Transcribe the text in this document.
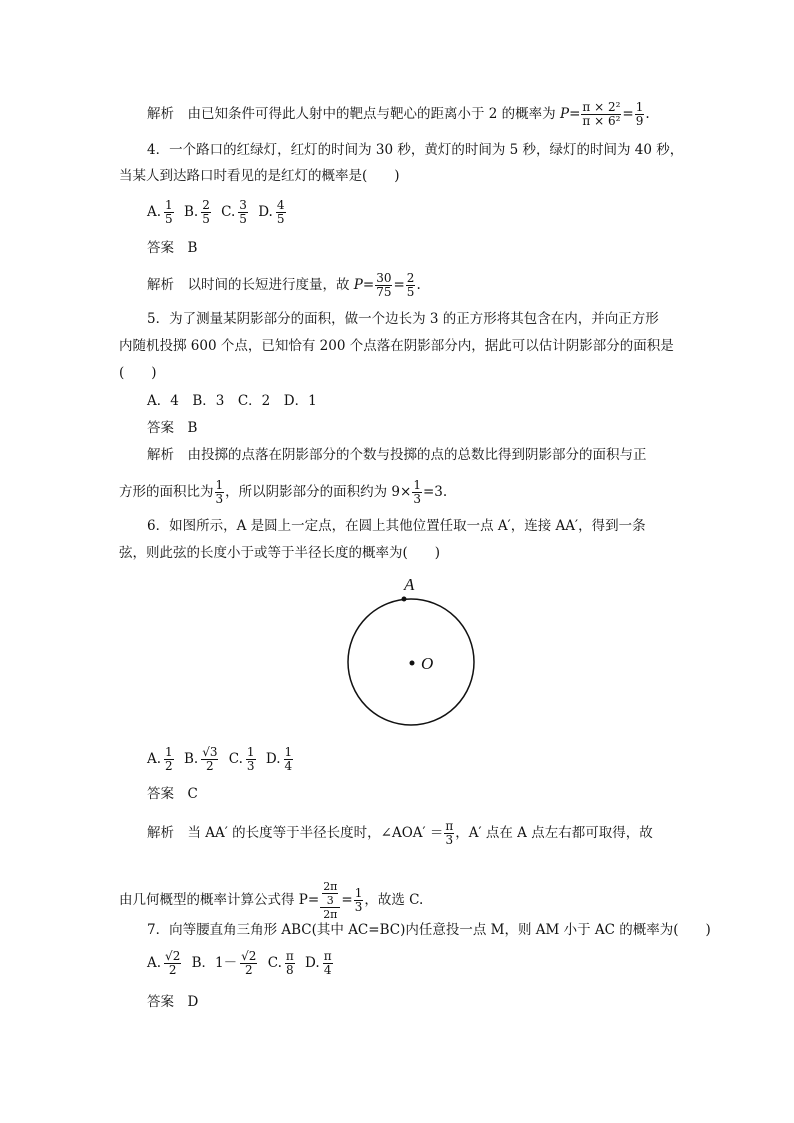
解析　 由已知条件可得此人射中的靶点与靶心的距离小于 2 的概率为 $P= \frac{\text{π × 2²}}{\text{π × 6²}} = \frac{1}{9}$ .
4．一个路口的红绿灯，红灯的时间为 30 秒，黄灯的时间为 5 秒，绿灯的时间为 40 秒，
当某人到达路口时看见的是红灯的概率是(　　)
A. $\frac{1}{5} B$. $\frac{2}{5} C$. $\frac{3}{5} D$. $\frac{4}{5}$
答案　B
解析　 以时间的长短进行度量，故 $P= \frac{30}{75} = \frac{2}{5}$ .
5．为了测量某阴影部分的面积，做一个边长为 3 的正方形将其包含在内，并向正方形
内随机投掷 600 个点，已知恰有 200 个点落在阴影部分内，据此可以估计阴影部分的面积是
(　　)
A．4　B．3　C．2　D．1
答案　B
解析　由投掷的点落在阴影部分的个数与投掷的点的总数比得到阴影部分的面积与正
方形的面积比为 $\frac{1}{3}$ ，所以阴影部分的面积约为 $9\times \frac{1}{3} =3$.
6．如图所示，A 是圆上一定点，在圆上其他位置任取一点 A′，连接 AA′，得到一条
弦，则此弦的长度小于或等于半径长度的概率为(　　)
A
O
A. $\frac{1}{2} B$. $\frac{√3}{2} C$. $\frac{1}{3} D$. $\frac{1}{4}$
答案　C
解析　当 AA′ 的长度等于半径长度时，∠AOA′ ＝ $\frac{\pi}{3}$ ，A′ 点在 A 点左右都可取得，故
由几何概型的概率计算公式得 $P= \frac{\frac{2\pi}{3}}{2\pi} = \frac{1}{3}$ ，故选 C.
7．向等腰直角三角形 ABC(其中 AC=BC)内任意投一点 M，则 AM 小于 AC 的概率为(　　)
A. $\frac{√2}{2}$ B．$1- \frac{√2}{2} C$. $\frac{\pi}{8} D$. $\frac{\pi}{4}$
答案　D
